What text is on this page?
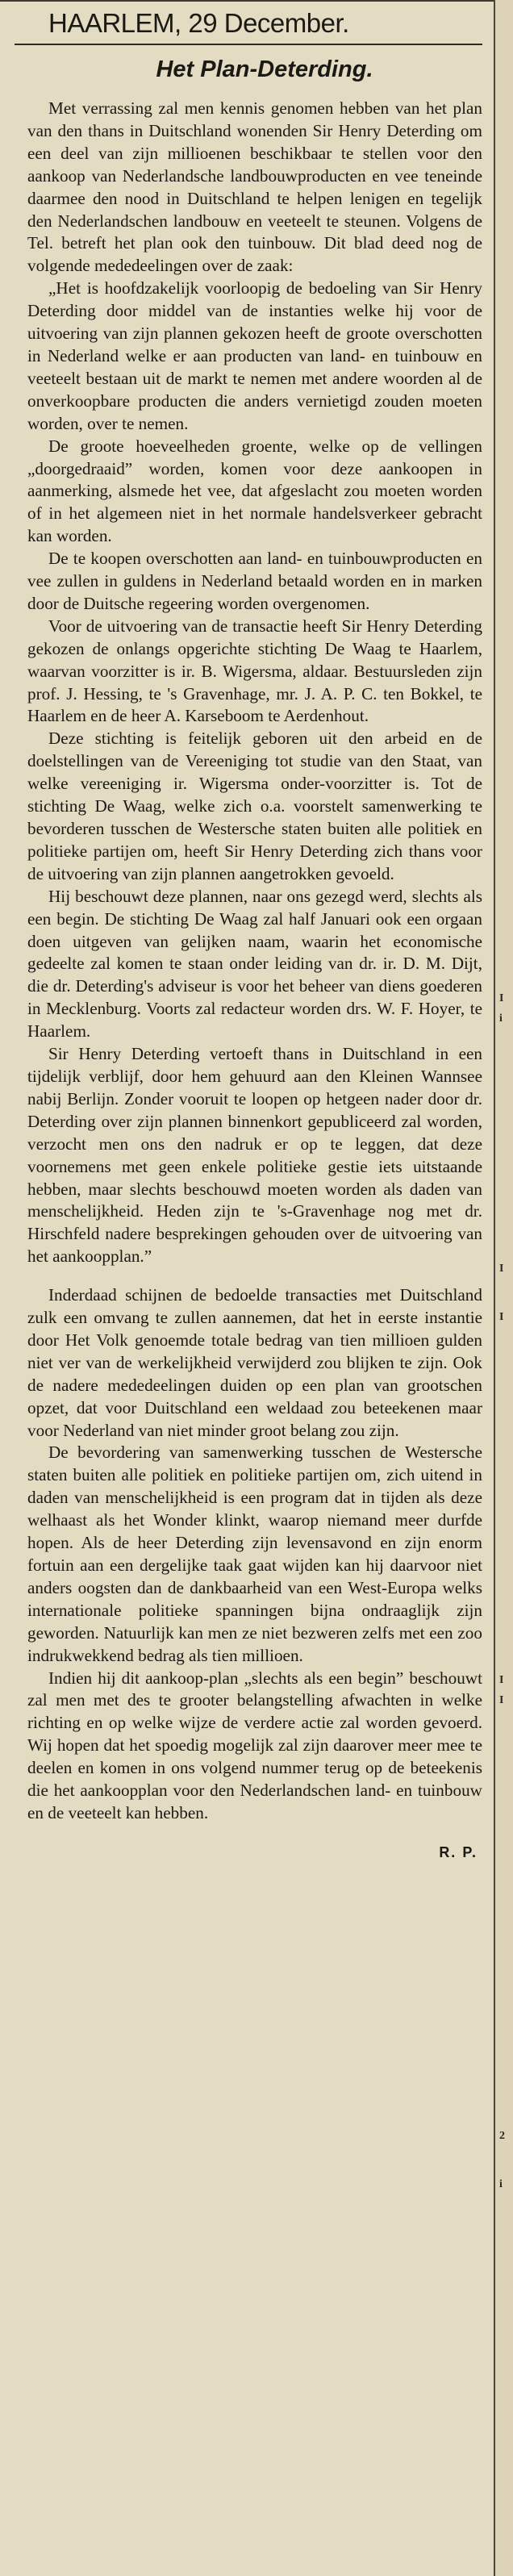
I
i
I
I
I
I
2
i
HAARLEM, 29 December.
Het Plan-Deterding.

Met verrassing zal men kennis genomen hebben van het plan van den thans in Duitschland wonenden Sir Henry Deterding om een deel van zijn millioenen beschikbaar te stellen voor den aankoop van Nederlandsche landbouwproducten en vee teneinde daarmee den nood in Duitschland te helpen lenigen en tegelijk den Nederlandschen landbouw en veeteelt te steunen. Volgens de Tel. betreft het plan ook den tuinbouw. Dit blad deed nog de volgende mededeelingen over de zaak:

„Het is hoofdzakelijk voorloopig de bedoeling van Sir Henry Deterding door middel van de instanties welke hij voor de uitvoering van zijn plannen gekozen heeft de groote overschotten in Nederland welke er aan producten van land- en tuinbouw en veeteelt bestaan uit de markt te nemen met andere woorden al de onverkoopbare producten die anders vernietigd zouden moeten worden, over te nemen.

De groote hoeveelheden groente, welke op de vellingen „doorgedraaid” worden, komen voor deze aankoopen in aanmerking, alsmede het vee, dat afgeslacht zou moeten worden of in het algemeen niet in het normale handelsverkeer gebracht kan worden.

De te koopen overschotten aan land- en tuinbouwproducten en vee zullen in guldens in Nederland betaald worden en in marken door de Duitsche regeering worden overgenomen.

Voor de uitvoering van de transactie heeft Sir Henry Deterding gekozen de onlangs opgerichte stichting De Waag te Haarlem, waarvan voorzitter is ir. B. Wigersma, aldaar. Bestuursleden zijn prof. J. Hessing, te 's Gravenhage, mr. J. A. P. C. ten Bokkel, te Haarlem en de heer A. Karseboom te Aerdenhout.

Deze stichting is feitelijk geboren uit den arbeid en de doelstellingen van de Vereeniging tot studie van den Staat, van welke vereeniging ir. Wigersma onder-voorzitter is. Tot de stichting De Waag, welke zich o.a. voorstelt samenwerking te bevorderen tusschen de Westersche staten buiten alle politiek en politieke partijen om, heeft Sir Henry Deterding zich thans voor de uitvoering van zijn plannen aangetrokken gevoeld.

Hij beschouwt deze plannen, naar ons gezegd werd, slechts als een begin. De stichting De Waag zal half Januari ook een orgaan doen uitgeven van gelijken naam, waarin het economische gedeelte zal komen te staan onder leiding van dr. ir. D. M. Dijt, die dr. Deterding's adviseur is voor het beheer van diens goederen in Mecklenburg. Voorts zal redacteur worden drs. W. F. Hoyer, te Haarlem.

Sir Henry Deterding vertoeft thans in Duitschland in een tijdelijk verblijf, door hem gehuurd aan den Kleinen Wannsee nabij Berlijn. Zonder vooruit te loopen op hetgeen nader door dr. Deterding over zijn plannen binnenkort gepubliceerd zal worden, verzocht men ons den nadruk er op te leggen, dat deze voornemens met geen enkele politieke gestie iets uitstaande hebben, maar slechts beschouwd moeten worden als daden van menschelijkheid. Heden zijn te 's-Gravenhage nog met dr. Hirschfeld nadere besprekingen gehouden over de uitvoering van het aankoopplan.”

Inderdaad schijnen de bedoelde transacties met Duitschland zulk een omvang te zullen aannemen, dat het in eerste instantie door Het Volk genoemde totale bedrag van tien millioen gulden niet ver van de werkelijkheid verwijderd zou blijken te zijn. Ook de nadere mededeelingen duiden op een plan van grootschen opzet, dat voor Duitschland een weldaad zou beteekenen maar voor Nederland van niet minder groot belang zou zijn.

De bevordering van samenwerking tusschen de Westersche staten buiten alle politiek en politieke partijen om, zich uitend in daden van menschelijkheid is een program dat in tijden als deze welhaast als het Wonder klinkt, waarop niemand meer durfde hopen. Als de heer Deterding zijn levensavond en zijn enorm fortuin aan een dergelijke taak gaat wijden kan hij daarvoor niet anders oogsten dan de dankbaarheid van een West-Europa welks internationale politieke spanningen bijna ondraaglijk zijn geworden. Natuurlijk kan men ze niet bezweren zelfs met een zoo indrukwekkend bedrag als tien millioen.

Indien hij dit aankoop-plan „slechts als een begin” beschouwt zal men met des te grooter belangstelling afwachten in welke richting en op welke wijze de verdere actie zal worden gevoerd. Wij hopen dat het spoedig mogelijk zal zijn daarover meer mee te deelen en komen in ons volgend nummer terug op de beteekenis die het aankoopplan voor den Nederlandschen land- en tuinbouw en de veeteelt kan hebben.

R. P.
